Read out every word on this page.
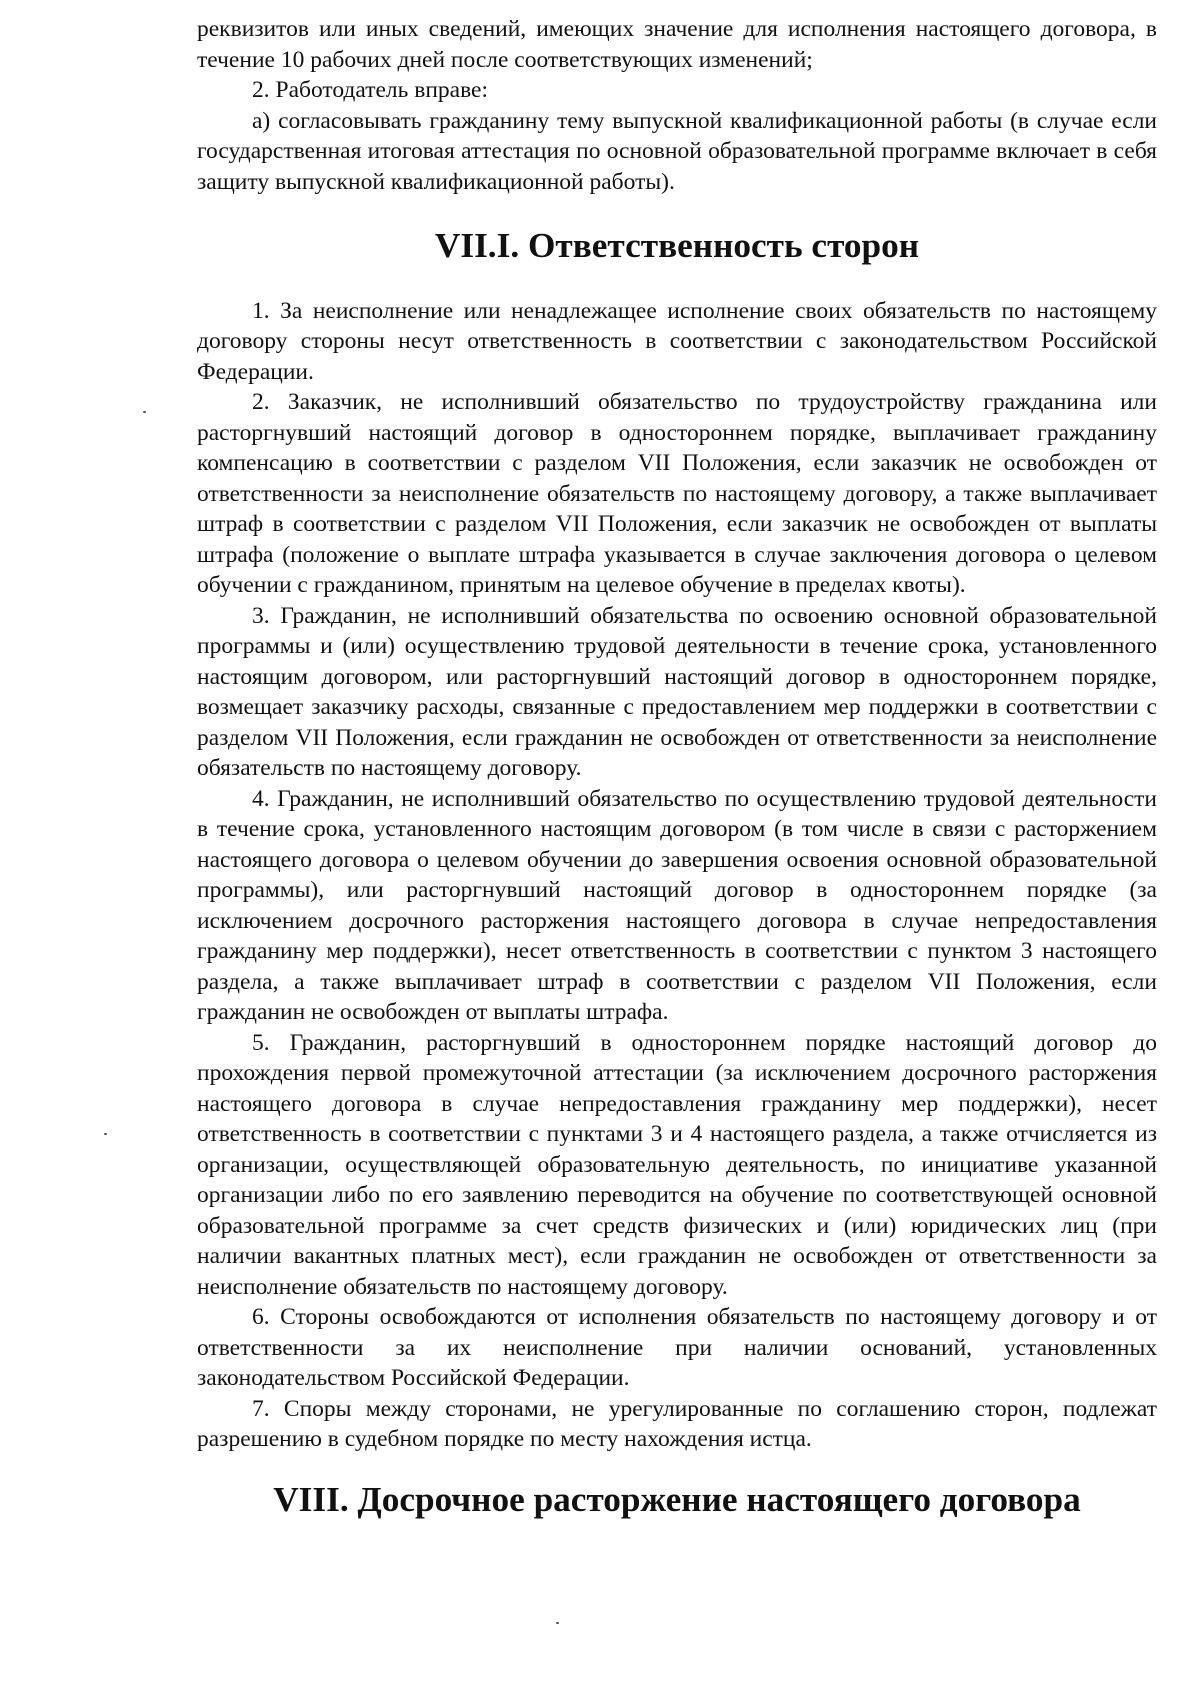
реквизитов или иных сведений, имеющих значение для исполнения настоящего договора, в течение 10 рабочих дней после соответствующих изменений;

2. Работодатель вправе:

а) согласовывать гражданину тему выпускной квалификационной работы (в случае если государственная итоговая аттестация по основной образовательной программе включает в себя защиту выпускной квалификационной работы).

VII.I. Ответственность сторон

1. За неисполнение или ненадлежащее исполнение своих обязательств по настоящему договору стороны несут ответственность в соответствии с законодательством Российской Федерации.

2. Заказчик, не исполнивший обязательство по трудоустройству гражданина или расторгнувший настоящий договор в одностороннем порядке, выплачивает гражданину компенсацию в соответствии с разделом VII Положения, если заказчик не освобожден от ответственности за неисполнение обязательств по настоящему договору, а также выплачивает штраф в соответствии с разделом VII Положения, если заказчик не освобожден от выплаты штрафа (положение о выплате штрафа указывается в случае заключения договора о целевом обучении с гражданином, принятым на целевое обучение в пределах квоты).

3. Гражданин, не исполнивший обязательства по освоению основной образовательной программы и (или) осуществлению трудовой деятельности в течение срока, установленного настоящим договором, или расторгнувший настоящий договор в одностороннем порядке, возмещает заказчику расходы, связанные с предоставлением мер поддержки в соответствии с разделом VII Положения, если гражданин не освобожден от ответственности за неисполнение обязательств по настоящему договору.

4. Гражданин, не исполнивший обязательство по осуществлению трудовой деятельности в течение срока, установленного настоящим договором (в том числе в связи с расторжением настоящего договора о целевом обучении до завершения освоения основной образовательной программы), или расторгнувший настоящий договор в одностороннем порядке (за исключением досрочного расторжения настоящего договора в случае непредоставления гражданину мер поддержки), несет ответственность в соответствии с пунктом 3 настоящего раздела, а также выплачивает штраф в соответствии с разделом VII Положения, если гражданин не освобожден от выплаты штрафа.

5. Гражданин, расторгнувший в одностороннем порядке настоящий договор до прохождения первой промежуточной аттестации (за исключением досрочного расторжения настоящего договора в случае непредоставления гражданину мер поддержки), несет ответственность в соответствии с пунктами 3 и 4 настоящего раздела, а также отчисляется из организации, осуществляющей образовательную деятельность, по инициативе указанной организации либо по его заявлению переводится на обучение по соответствующей основной образовательной программе за счет средств физических и (или) юридических лиц (при наличии вакантных платных мест), если гражданин не освобожден от ответственности за неисполнение обязательств по настоящему договору.

6. Стороны освобождаются от исполнения обязательств по настоящему договору и от ответственности за их неисполнение при наличии оснований, установленных законодательством Российской Федерации.

7. Споры между сторонами, не урегулированные по соглашению сторон, подлежат разрешению в судебном порядке по месту нахождения истца.

VIII. Досрочное расторжение настоящего договора
